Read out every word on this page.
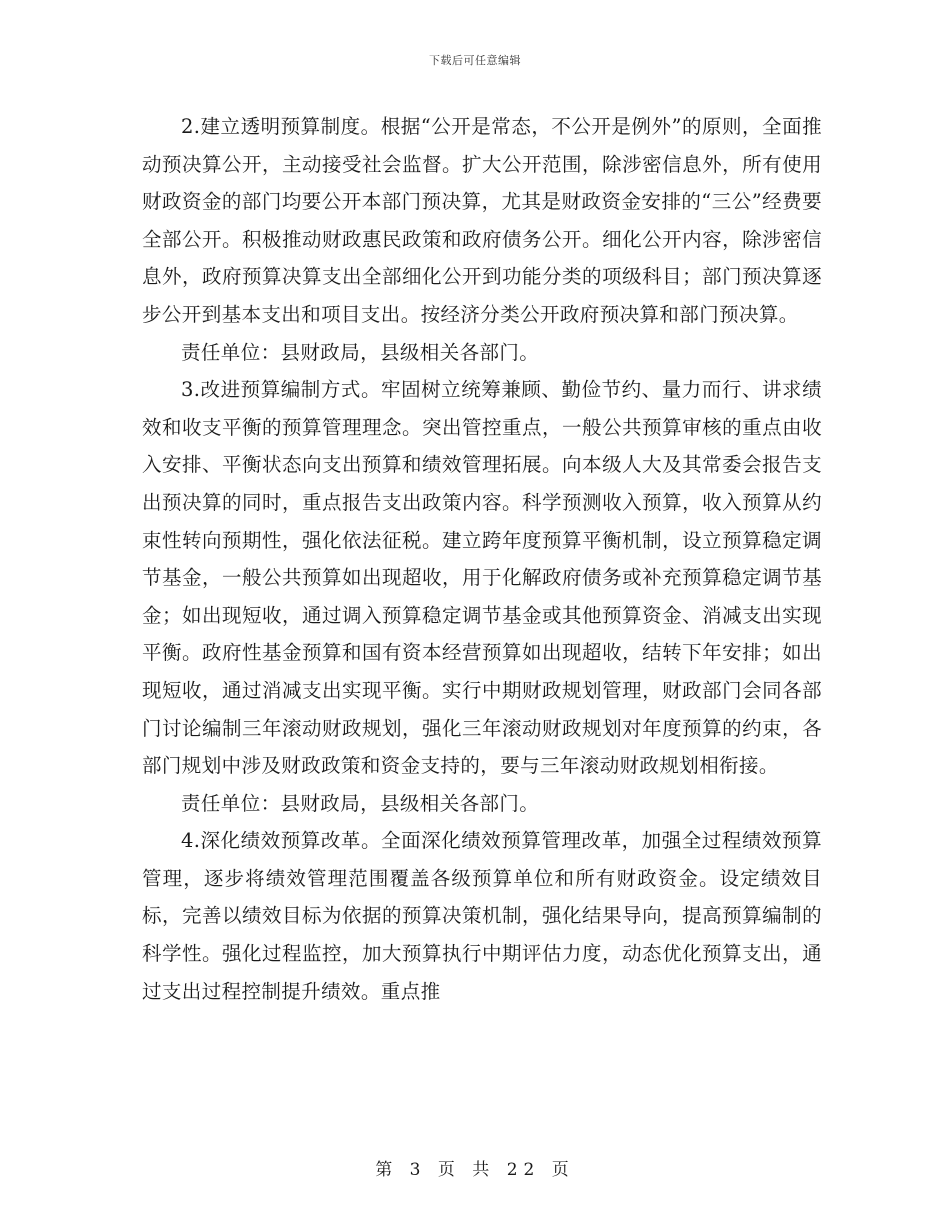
下载后可任意编辑

2.建立透明预算制度。根据“公开是常态，不公开是例外”的原则，全面推动预决算公开，主动接受社会监督。扩大公开范围，除涉密信息外，所有使用财政资金的部门均要公开本部门预决算，尤其是财政资金安排的“三公”经费要全部公开。积极推动财政惠民政策和政府债务公开。细化公开内容，除涉密信息外，政府预算决算支出全部细化公开到功能分类的项级科目；部门预决算逐步公开到基本支出和项目支出。按经济分类公开政府预决算和部门预决算。

责任单位：县财政局，县级相关各部门。

3.改进预算编制方式。牢固树立统筹兼顾、勤俭节约、量力而行、讲求绩效和收支平衡的预算管理理念。突出管控重点，一般公共预算审核的重点由收入安排、平衡状态向支出预算和绩效管理拓展。向本级人大及其常委会报告支出预决算的同时，重点报告支出政策内容。科学预测收入预算，收入预算从约束性转向预期性，强化依法征税。建立跨年度预算平衡机制，设立预算稳定调节基金，一般公共预算如出现超收，用于化解政府债务或补充预算稳定调节基金；如出现短收，通过调入预算稳定调节基金或其他预算资金、消减支出实现平衡。政府性基金预算和国有资本经营预算如出现超收，结转下年安排；如出现短收，通过消减支出实现平衡。实行中期财政规划管理，财政部门会同各部门讨论编制三年滚动财政规划，强化三年滚动财政规划对年度预算的约束，各部门规划中涉及财政政策和资金支持的，要与三年滚动财政规划相衔接。

责任单位：县财政局，县级相关各部门。

4.深化绩效预算改革。全面深化绩效预算管理改革，加强全过程绩效预算管理，逐步将绩效管理范围覆盖各级预算单位和所有财政资金。设定绩效目标，完善以绩效目标为依据的预算决策机制，强化结果导向，提高预算编制的科学性。强化过程监控，加大预算执行中期评估力度，动态优化预算支出，通过支出过程控制提升绩效。重点推

第 3 页 共 22 页
